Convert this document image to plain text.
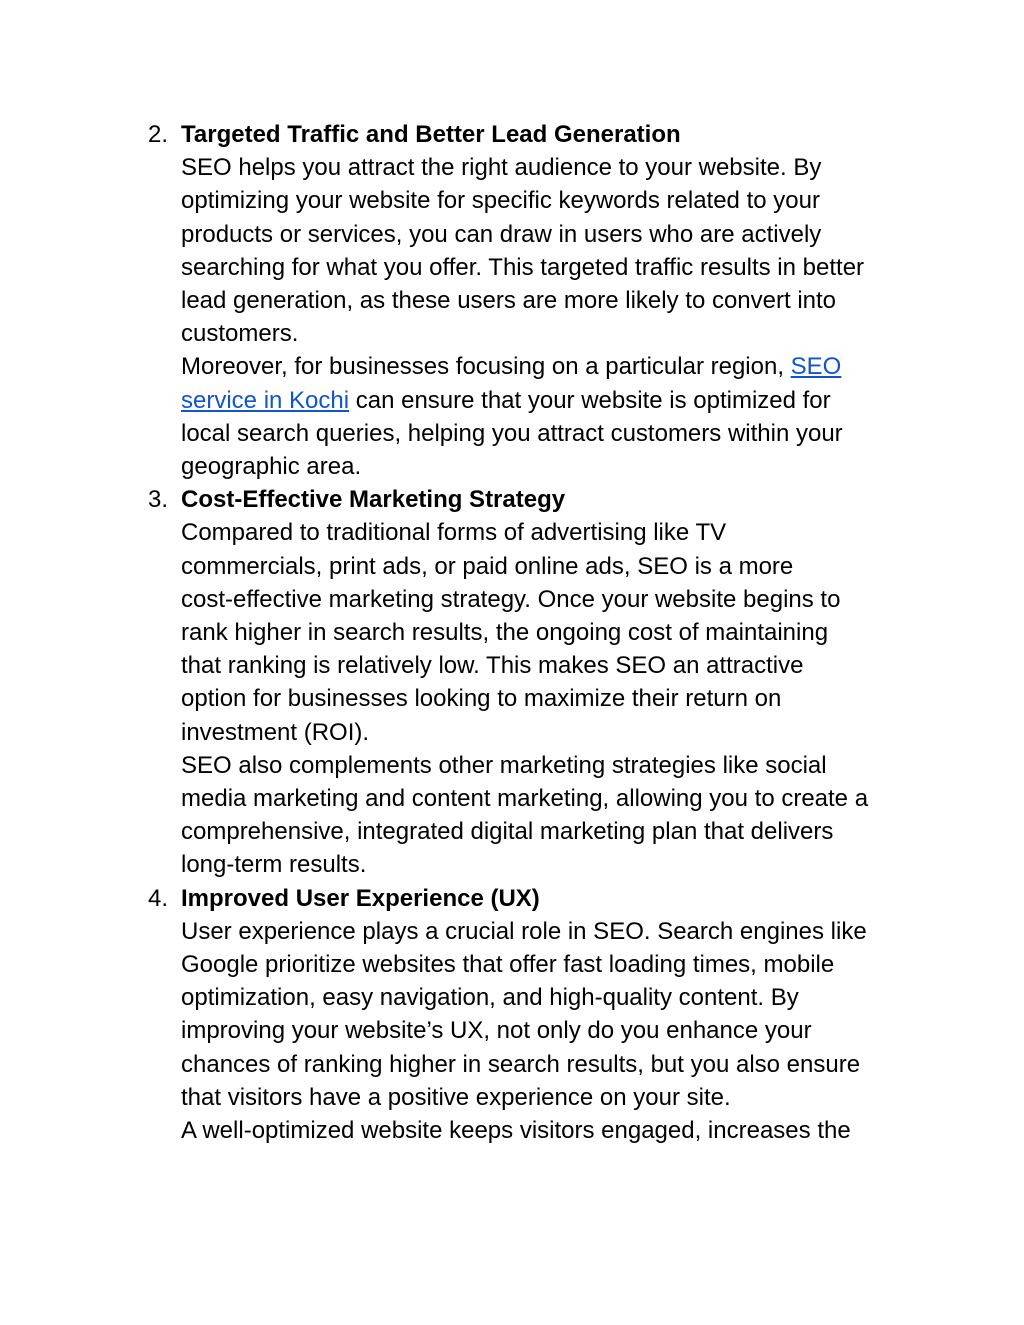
2. Targeted Traffic and Better Lead Generation
SEO helps you attract the right audience to your website. By
optimizing your website for specific keywords related to your
products or services, you can draw in users who are actively
searching for what you offer. This targeted traffic results in better
lead generation, as these users are more likely to convert into
customers.
Moreover, for businesses focusing on a particular region, SEO
service in Kochi can ensure that your website is optimized for
local search queries, helping you attract customers within your
geographic area.
3. Cost-Effective Marketing Strategy
Compared to traditional forms of advertising like TV
commercials, print ads, or paid online ads, SEO is a more
cost-effective marketing strategy. Once your website begins to
rank higher in search results, the ongoing cost of maintaining
that ranking is relatively low. This makes SEO an attractive
option for businesses looking to maximize their return on
investment (ROI).
SEO also complements other marketing strategies like social
media marketing and content marketing, allowing you to create a
comprehensive, integrated digital marketing plan that delivers
long-term results.
4. Improved User Experience (UX)
User experience plays a crucial role in SEO. Search engines like
Google prioritize websites that offer fast loading times, mobile
optimization, easy navigation, and high-quality content. By
improving your website’s UX, not only do you enhance your
chances of ranking higher in search results, but you also ensure
that visitors have a positive experience on your site.
A well-optimized website keeps visitors engaged, increases the
